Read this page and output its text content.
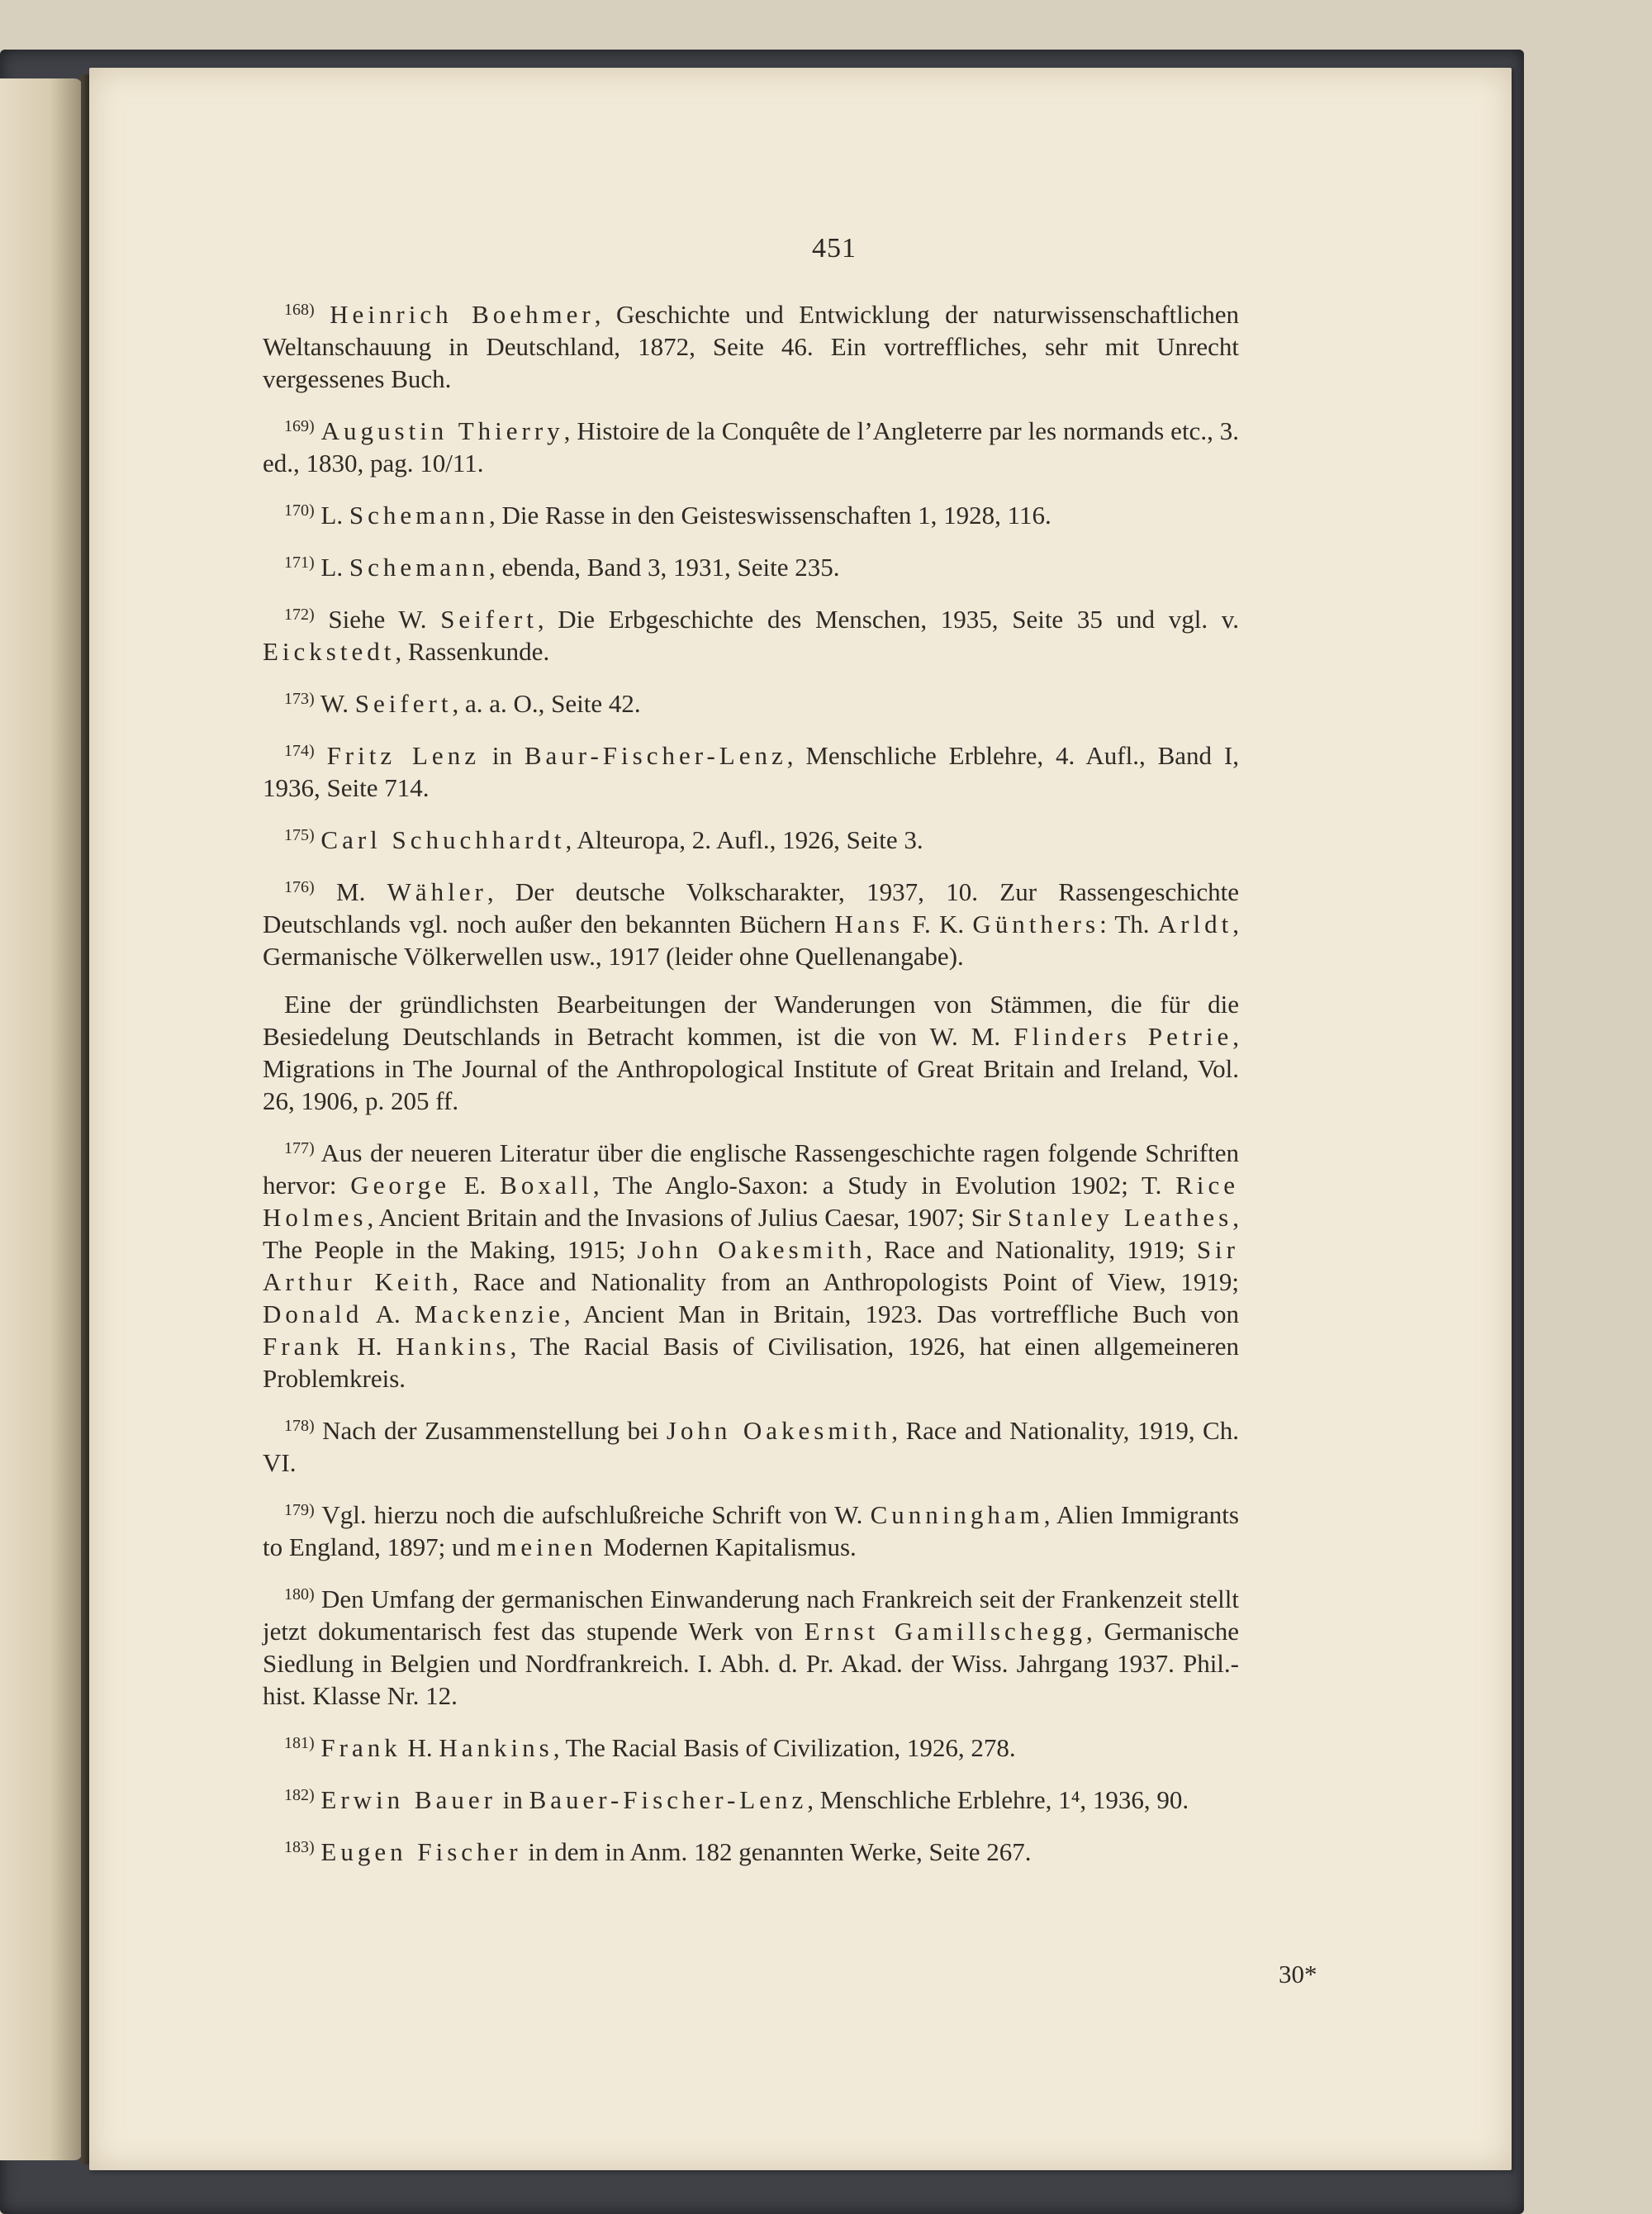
451
30*

$^{168)}$ Heinrich Boehmer, Geschichte und Entwicklung der naturwissenschaftlichen Weltanschauung in Deutschland, 1872, Seite 46. Ein vortreffliches, sehr mit Unrecht vergessenes Buch.

$^{169)}$ Augustin Thierry, Histoire de la Conquête de l’Angleterre par les normands etc., 3. ed., 1830, pag. 10/11.

$^{170)}$ L. Schemann, Die Rasse in den Geisteswissenschaften 1, 1928, 116.

$^{171)}$ L. Schemann, ebenda, Band 3, 1931, Seite 235.

$^{172)}$ Siehe W. Seifert, Die Erbgeschichte des Menschen, 1935, Seite 35 und vgl. v. Eickstedt, Rassenkunde.

$^{173)}$ W. Seifert, a. a. O., Seite 42.

$^{174)}$ Fritz Lenz in Baur-Fischer-Lenz, Menschliche Erblehre, 4. Aufl., Band I, 1936, Seite 714.

$^{175)}$ Carl Schuchhardt, Alteuropa, 2. Aufl., 1926, Seite 3.

$^{176)}$ M. Wähler, Der deutsche Volkscharakter, 1937, 10. Zur Rassengeschichte Deutschlands vgl. noch außer den bekannten Büchern Hans F. K. Günthers: Th. Arldt, Germanische Völkerwellen usw., 1917 (leider ohne Quellenangabe).

Eine der gründlichsten Bearbeitungen der Wanderungen von Stämmen, die für die Besiedelung Deutschlands in Betracht kommen, ist die von W. M. Flinders Petrie, Migrations in The Journal of the Anthropological Institute of Great Britain and Ireland, Vol. 26, 1906, p. 205 ff.

$^{177)}$ Aus der neueren Literatur über die englische Rassengeschichte ragen folgende Schriften hervor: George E. Boxall, The Anglo-Saxon: a Study in Evolution 1902; T. Rice Holmes, Ancient Britain and the Invasions of Julius Caesar, 1907; Sir Stanley Leathes, The People in the Making, 1915; John Oakesmith, Race and Nationality, 1919; Sir Arthur Keith, Race and Nationality from an Anthropologists Point of View, 1919; Donald A. Mackenzie, Ancient Man in Britain, 1923. Das vortreffliche Buch von Frank H. Hankins, The Racial Basis of Civilisation, 1926, hat einen allgemeineren Problemkreis.

$^{178)}$ Nach der Zusammenstellung bei John Oakesmith, Race and Nationality, 1919, Ch. VI.

$^{179)}$ Vgl. hierzu noch die aufschlußreiche Schrift von W. Cunningham, Alien Immigrants to England, 1897; und meinen Modernen Kapitalismus.

$^{180)}$ Den Umfang der germanischen Einwanderung nach Frankreich seit der Frankenzeit stellt jetzt dokumentarisch fest das stupende Werk von Ernst Gamillschegg, Germanische Siedlung in Belgien und Nordfrankreich. I. Abh. d. Pr. Akad. der Wiss. Jahrgang 1937. Phil.-hist. Klasse Nr. 12.

$^{181)}$ Frank H. Hankins, The Racial Basis of Civilization, 1926, 278.

$^{182)}$ Erwin Bauer in Bauer-Fischer-Lenz, Menschliche Erblehre, 1⁴, 1936, 90.

$^{183)}$ Eugen Fischer in dem in Anm. 182 genannten Werke, Seite 267.
